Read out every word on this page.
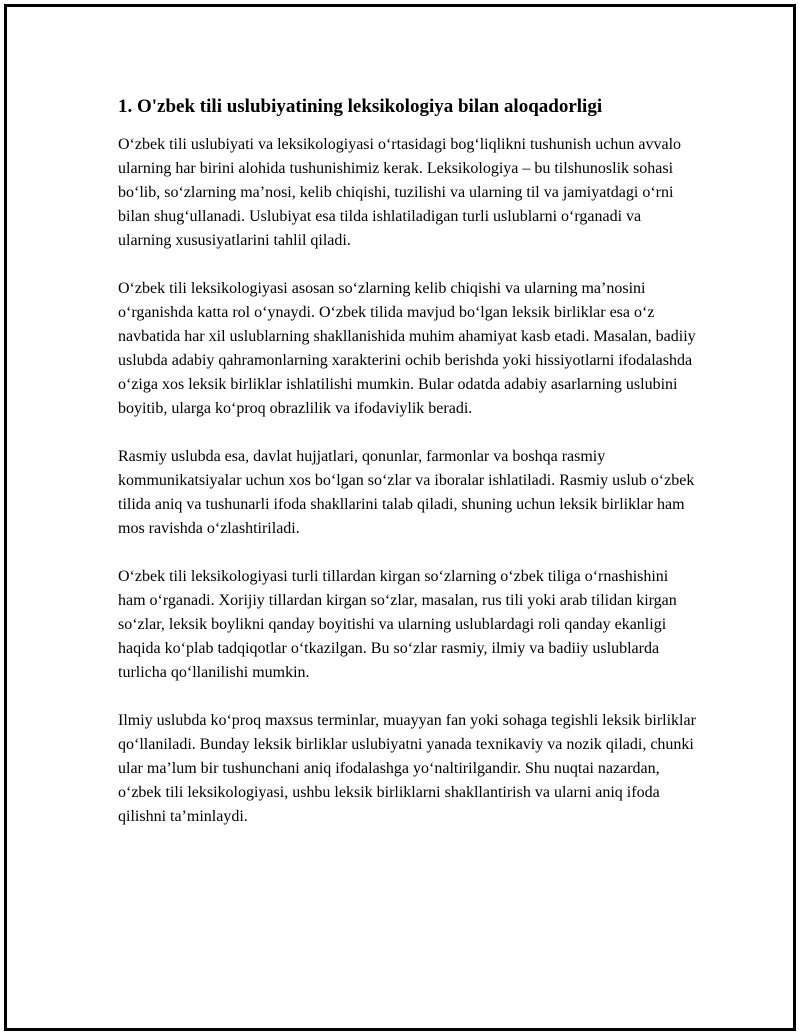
1. O'zbek tili uslubiyatining leksikologiya bilan aloqadorligi

O‘zbek tili uslubiyati va leksikologiyasi o‘rtasidagi bog‘liqlikni tushunish uchun avvalo ularning har birini alohida tushunishimiz kerak. Leksikologiya – bu tilshunoslik sohasi bo‘lib, so‘zlarning ma’nosi, kelib chiqishi, tuzilishi va ularning til va jamiyatdagi o‘rni bilan shug‘ullanadi. Uslubiyat esa tilda ishlatiladigan turli uslublarni o‘rganadi va ularning xususiyatlarini tahlil qiladi.

O‘zbek tili leksikologiyasi asosan so‘zlarning kelib chiqishi va ularning ma’nosini o‘rganishda katta rol o‘ynaydi. O‘zbek tilida mavjud bo‘lgan leksik birliklar esa o‘z navbatida har xil uslublarning shakllanishida muhim ahamiyat kasb etadi. Masalan, badiiy uslubda adabiy qahramonlarning xarakterini ochib berishda yoki hissiyotlarni ifodalashda o‘ziga xos leksik birliklar ishlatilishi mumkin. Bular odatda adabiy asarlarning uslubini boyitib, ularga ko‘proq obrazlilik va ifodaviylik beradi.

Rasmiy uslubda esa, davlat hujjatlari, qonunlar, farmonlar va boshqa rasmiy kommunikatsiyalar uchun xos bo‘lgan so‘zlar va iboralar ishlatiladi. Rasmiy uslub o‘zbek tilida aniq va tushunarli ifoda shakllarini talab qiladi, shuning uchun leksik birliklar ham mos ravishda o‘zlashtiriladi.

O‘zbek tili leksikologiyasi turli tillardan kirgan so‘zlarning o‘zbek tiliga o‘rnashishini ham o‘rganadi. Xorijiy tillardan kirgan so‘zlar, masalan, rus tili yoki arab tilidan kirgan so‘zlar, leksik boylikni qanday boyitishi va ularning uslublardagi roli qanday ekanligi haqida ko‘plab tadqiqotlar o‘tkazilgan. Bu so‘zlar rasmiy, ilmiy va badiiy uslublarda turlicha qo‘llanilishi mumkin.

Ilmiy uslubda ko‘proq maxsus terminlar, muayyan fan yoki sohaga tegishli leksik birliklar qo‘llaniladi. Bunday leksik birliklar uslubiyatni yanada texnikaviy va nozik qiladi, chunki ular ma’lum bir tushunchani aniq ifodalashga yo‘naltirilgandir. Shu nuqtai nazardan, o‘zbek tili leksikologiyasi, ushbu leksik birliklarni shakllantirish va ularni aniq ifoda qilishni ta’minlaydi.
